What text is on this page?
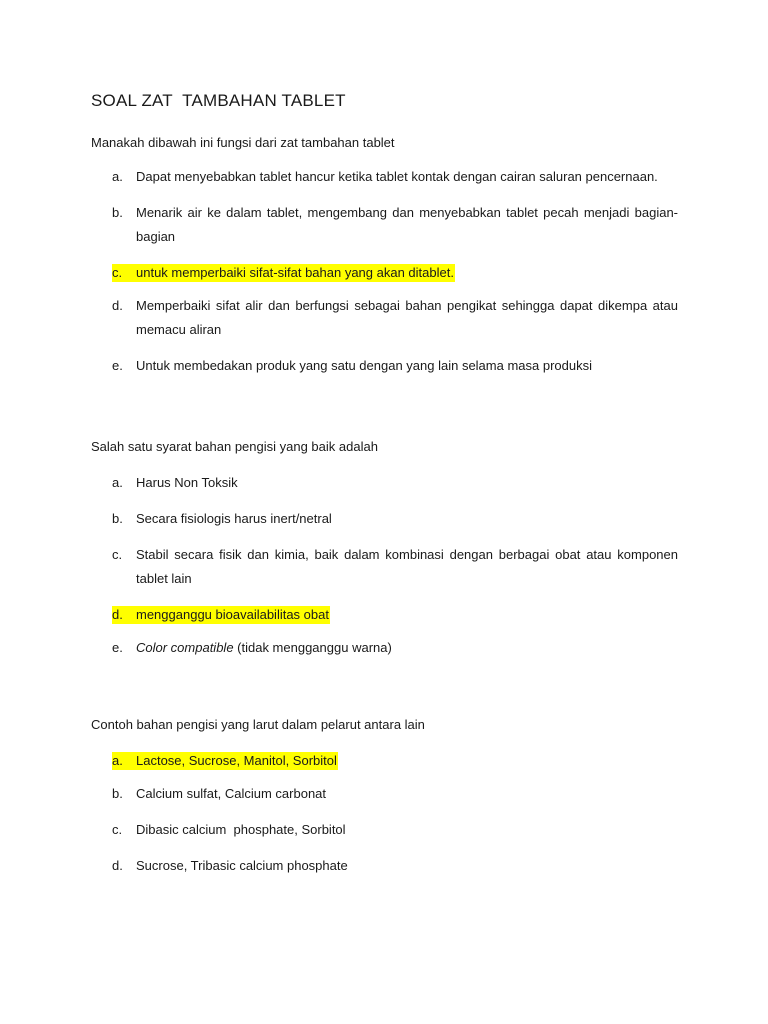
SOAL ZAT  TAMBAHAN TABLET

Manakah dibawah ini fungsi dari zat tambahan tablet

a.	Dapat menyebabkan tablet hancur ketika tablet kontak dengan cairan saluran pencernaan.
b.	Menarik air ke dalam tablet, mengembang dan menyebabkan tablet pecah menjadi bagian-bagian
c.	untuk memperbaiki sifat-sifat bahan yang akan ditablet.
d.	Memperbaiki sifat alir dan berfungsi sebagai bahan pengikat sehingga dapat dikempa atau memacu aliran
e.	Untuk membedakan produk yang satu dengan yang lain selama masa produksi

Salah satu syarat bahan pengisi yang baik adalah

a.	Harus Non Toksik
b.	Secara fisiologis harus inert/netral
c.	Stabil secara fisik dan kimia, baik dalam kombinasi dengan berbagai obat atau komponen tablet lain
d.	mengganggu bioavailabilitas obat
e.	Color compatible (tidak mengganggu warna)

Contoh bahan pengisi yang larut dalam pelarut antara lain

a.	Lactose, Sucrose, Manitol, Sorbitol
b.	Calcium sulfat, Calcium carbonat
c.	Dibasic calcium  phosphate, Sorbitol
d.	Sucrose, Tribasic calcium phosphate
